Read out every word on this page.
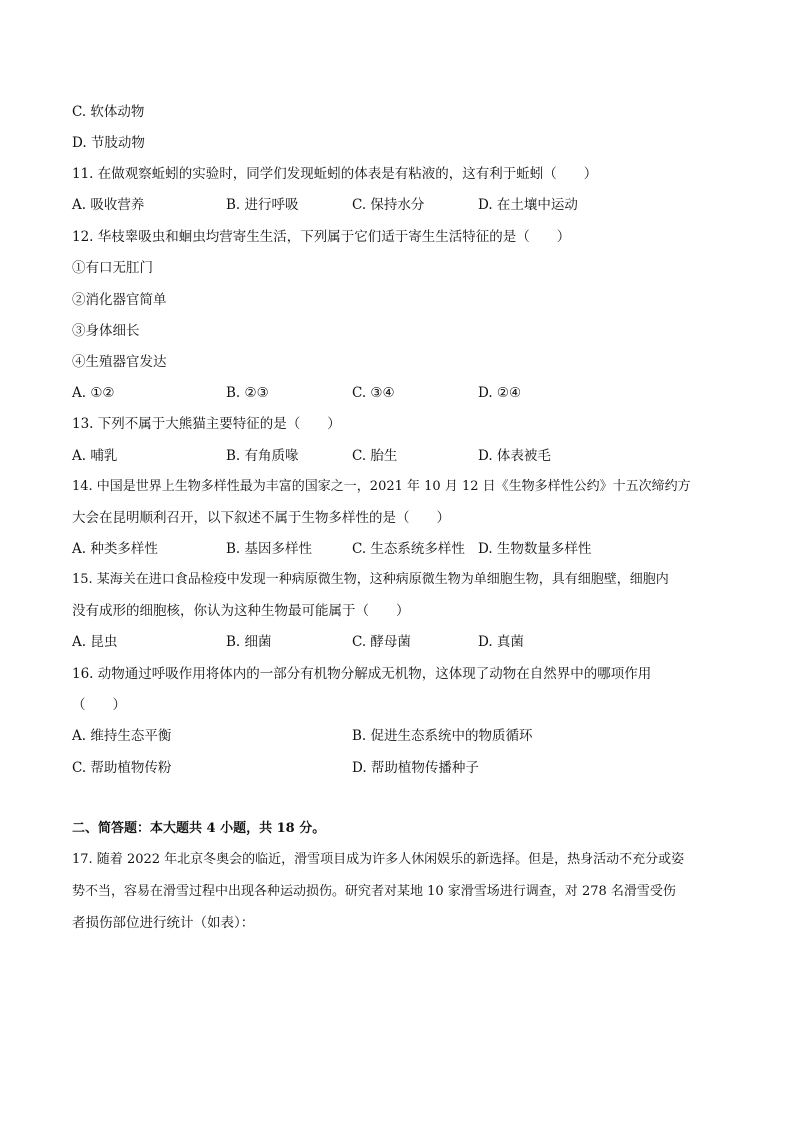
C. 软体动物
D. 节肢动物
11. 在做观察蚯蚓的实验时，同学们发现蚯蚓的体表是有粘液的，这有利于蚯蚓（　　）
A. 吸收营养	B. 进行呼吸	C. 保持水分	D. 在土壤中运动
12. 华枝睾吸虫和蛔虫均营寄生生活，下列属于它们适于寄生生活特征的是（　　）
①有口无肛门
②消化器官简单
③身体细长
④生殖器官发达
A. ①②	B. ②③	C. ③④	D. ②④
13. 下列不属于大熊猫主要特征的是（　　）
A. 哺乳	B. 有角质喙	C. 胎生	D. 体表被毛
14. 中国是世界上生物多样性最为丰富的国家之一，2021 年 10 月 12 日《生物多样性公约》十五次缔约方
大会在昆明顺利召开，以下叙述不属于生物多样性的是（　　）
A. 种类多样性	B. 基因多样性	C. 生态系统多样性 D. 生物数量多样性
15. 某海关在进口食品检疫中发现一种病原微生物，这种病原微生物为单细胞生物，具有细胞壁，细胞内
没有成形的细胞核，你认为这种生物最可能属于（　　）
A. 昆虫	B. 细菌	C. 酵母菌	D. 真菌
16. 动物通过呼吸作用将体内的一部分有机物分解成无机物，这体现了动物在自然界中的哪项作用
（　　）
A. 维持生态平衡	B. 促进生态系统中的物质循环
C. 帮助植物传粉	D. 帮助植物传播种子
二、简答题：本大题共 4 小题，共 18 分。
17. 随着 2022 年北京冬奥会的临近，滑雪项目成为许多人休闲娱乐的新选择。但是，热身活动不充分或姿
势不当，容易在滑雪过程中出现各种运动损伤。研究者对某地 10 家滑雪场进行调查，对 278 名滑雪受伤
者损伤部位进行统计（如表）：
